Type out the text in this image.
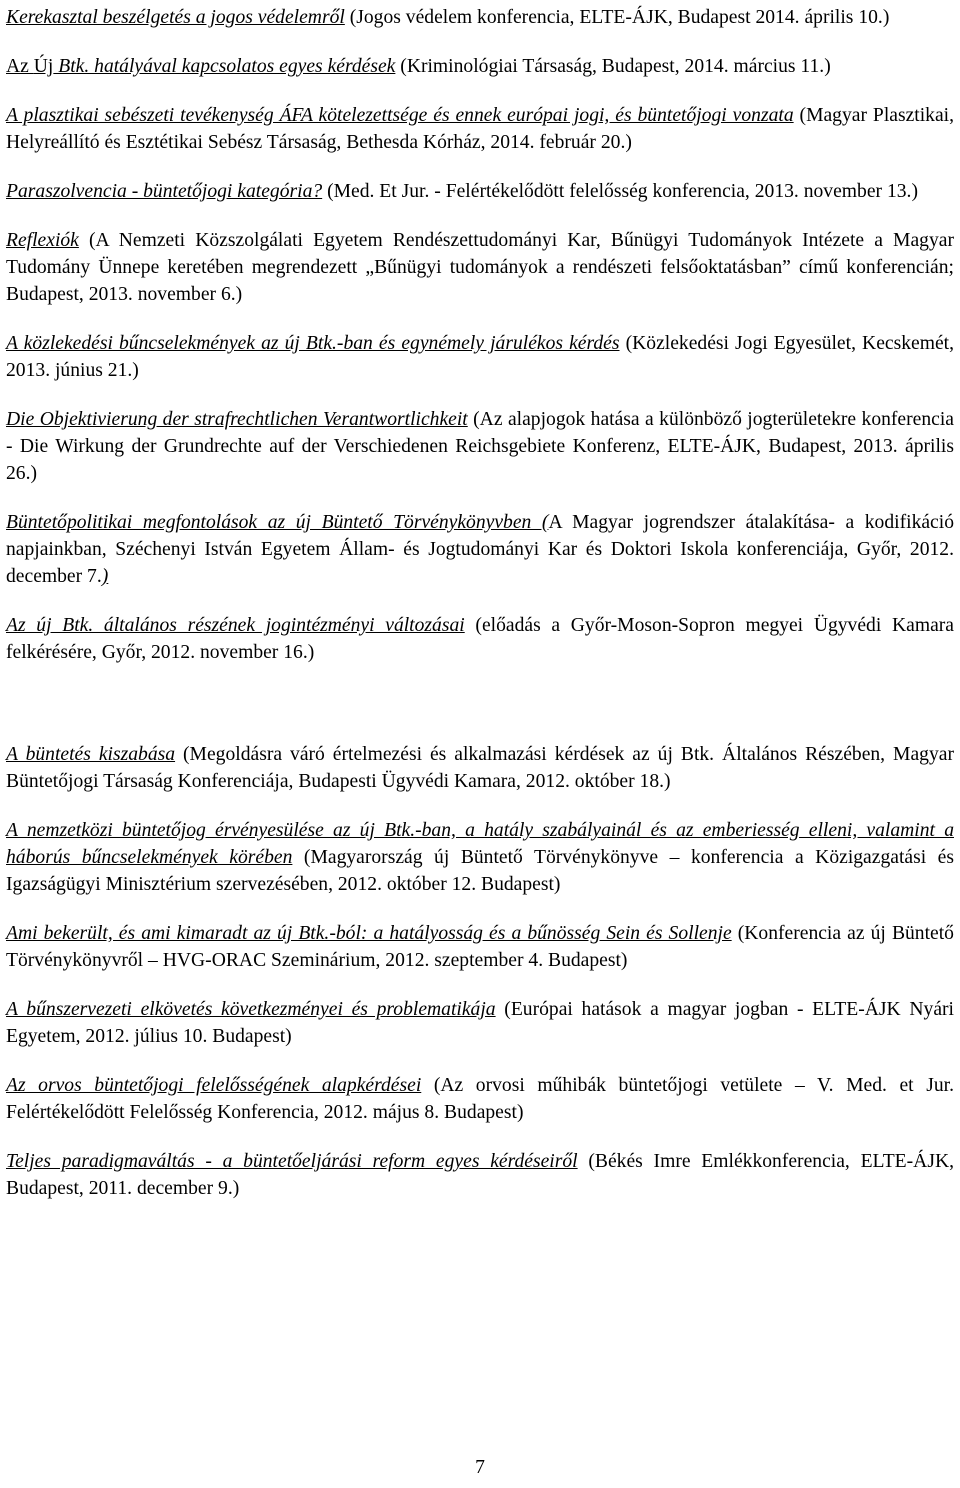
Kerekasztal beszélgetés a jogos védelemről (Jogos védelem konferencia, ELTE-ÁJK, Budapest 2014. április 10.)

Az Új Btk. hatályával kapcsolatos egyes kérdések (Kriminológiai Társaság, Budapest, 2014. március 11.)

A plasztikai sebészeti tevékenység ÁFA kötelezettsége és ennek európai jogi, és büntetőjogi vonzata (Magyar Plasztikai, Helyreállító és Esztétikai Sebész Társaság, Bethesda Kórház, 2014. február 20.)

Paraszolvencia - büntetőjogi kategória? (Med. Et Jur. - Felértékelődött felelősség konferencia, 2013. november 13.)

Reflexiók (A Nemzeti Közszolgálati Egyetem Rendészettudományi Kar, Bűnügyi Tudományok Intézete a Magyar Tudomány Ünnepe keretében megrendezett „Bűnügyi tudományok a rendészeti felsőoktatásban” című konferencián; Budapest, 2013. november 6.)

A közlekedési bűncselekmények az új Btk.-ban és egynémely járulékos kérdés (Közlekedési Jogi Egyesület, Kecskemét, 2013. június 21.)

Die Objektivierung der strafrechtlichen Verantwortlichkeit (Az alapjogok hatása a különböző jogterületekre konferencia - Die Wirkung der Grundrechte auf der Verschiedenen Reichsgebiete Konferenz, ELTE-ÁJK, Budapest, 2013. április 26.)

Büntetőpolitikai megfontolások az új Büntető Törvénykönyvben (A Magyar jogrendszer átalakítása- a kodifikáció napjainkban, Széchenyi István Egyetem Állam- és Jogtudományi Kar és Doktori Iskola konferenciája, Győr, 2012. december 7.)

Az új Btk. általános részének jogintézményi változásai (előadás a Győr-Moson-Sopron megyei Ügyvédi Kamara felkérésére, Győr, 2012. november 16.)

A büntetés kiszabása (Megoldásra váró értelmezési és alkalmazási kérdések az új Btk. Általános Részében, Magyar Büntetőjogi Társaság Konferenciája, Budapesti Ügyvédi Kamara, 2012. október 18.)

A nemzetközi büntetőjog érvényesülése az új Btk.-ban, a hatály szabályainál és az emberiesség elleni, valamint a háborús bűncselekmények körében (Magyarország új Büntető Törvénykönyve – konferencia a Közigazgatási és Igazságügyi Minisztérium szervezésében, 2012. október 12. Budapest)

Ami bekerült, és ami kimaradt az új Btk.-ból: a hatályosság és a bűnösség Sein és Sollenje (Konferencia az új Büntető Törvénykönyvről – HVG-ORAC Szeminárium, 2012. szeptember 4. Budapest)

A bűnszervezeti elkövetés következményei és problematikája (Európai hatások a magyar jogban - ELTE-ÁJK Nyári Egyetem, 2012. július 10. Budapest)

Az orvos büntetőjogi felelősségének alapkérdései (Az orvosi műhibák büntetőjogi vetülete – V. Med. et Jur. Felértékelődött Felelősség Konferencia, 2012. május 8. Budapest)

Teljes paradigmaváltás - a büntetőeljárási reform egyes kérdéseiről (Békés Imre Emlékkonferencia, ELTE-ÁJK, Budapest, 2011. december 9.)

7
